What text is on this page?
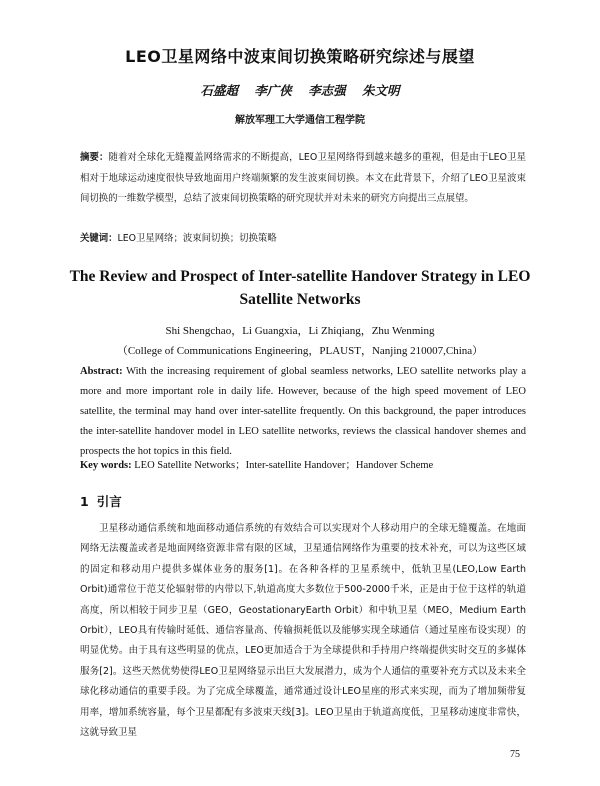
LEO卫星网络中波束间切换策略研究综述与展望
石盛超 李广侠 李志强 朱文明
解放军理工大学通信工程学院
摘要：随着对全球化无缝覆盖网络需求的不断提高，LEO卫星网络得到越来越多的重视，但是由于LEO卫星相对于地球运动速度很快导致地面用户终端频繁的发生波束间切换。本文在此背景下，介绍了LEO卫星波束间切换的一维数学模型，总结了波束间切换策略的研究现状并对未来的研究方向提出三点展望。
关键词：LEO卫星网络；波束间切换；切换策略
The Review and Prospect of Inter-satellite Handover Strategy in LEO Satellite Networks
Shi Shengchao，Li Guangxia，Li Zhiqiang，Zhu Wenming
（College of Communications Engineering，PLAUST，Nanjing 210007,China）
Abstract: With the increasing requirement of global seamless networks, LEO satellite networks play a more and more important role in daily life. However, because of the high speed movement of LEO satellite, the terminal may hand over inter-satellite frequently. On this background, the paper introduces the inter-satellite handover model in LEO satellite networks, reviews the classical handover shemes and prospects the hot topics in this field.
Key words: LEO Satellite Networks；Inter-satellite Handover；Handover Scheme
1 引言
卫星移动通信系统和地面移动通信系统的有效结合可以实现对个人移动用户的全球无缝覆盖。在地面网络无法覆盖或者是地面网络资源非常有限的区域，卫星通信网络作为重要的技术补充，可以为这些区域的固定和移动用户提供多媒体业务的服务[1]。在各种各样的卫星系统中，低轨卫星(LEO,Low Earth Orbit)通常位于范艾伦辐射带的内带以下,轨道高度大多数位于500-2000千米，正是由于位于这样的轨道高度，所以相较于同步卫星（GEO，GeostationaryEarth Orbit）和中轨卫星（MEO，Medium Earth Orbit），LEO具有传输时延低、通信容量高、传输损耗低以及能够实现全球通信（通过星座布设实现）的明显优势。由于具有这些明显的优点，LEO更加适合于为全球提供和手持用户终端提供实时交互的多媒体服务[2]。这些天然优势使得LEO卫星网络显示出巨大发展潜力，成为个人通信的重要补充方式以及未来全球化移动通信的重要手段。为了完成全球覆盖，通常通过设计LEO星座的形式来实现，而为了增加频带复用率，增加系统容量，每个卫星都配有多波束天线[3]。LEO卫星由于轨道高度低，卫星移动速度非常快，这就导致卫星
75
